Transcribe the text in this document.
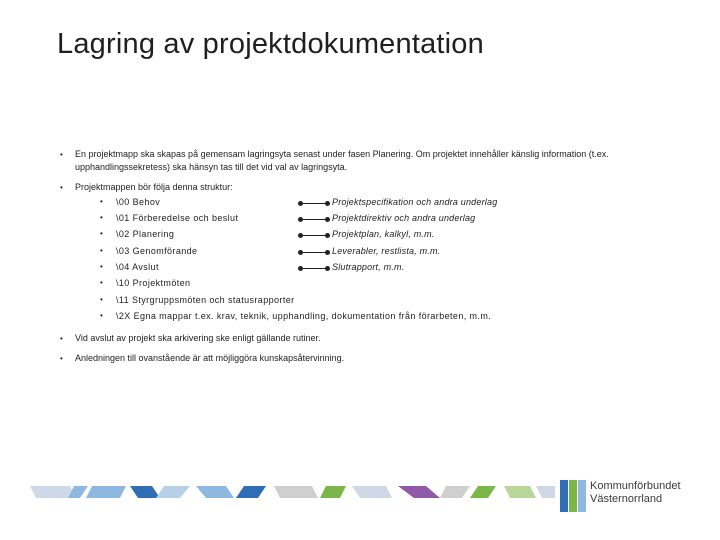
Lagring av projektdokumentation
• En projektmapp ska skapas på gemensam lagringsyta senast under fasen Planering. Om projektet innehåller känslig information (t.ex. upphandlingssekretess) ska hänsyn tas till det vid val av lagringsyta.
• Projektmappen bör följa denna struktur:
• \00 Behov	Projektspecifikation och andra underlag
• \01 Förberedelse och beslut	Projektdirektiv och andra underlag
• \02 Planering	Projektplan, kalkyl, m.m.
• \03 Genomförande	Leverabler, restlista, m.m.
• \04 Avslut	Slutrapport, m.m.
• \10 Projektmöten
• \11 Styrgruppsmöten och statusrapporter
• \2X Egna mappar t.ex. krav, teknik, upphandling, dokumentation från förarbeten, m.m.
• Vid avslut av projekt ska arkivering ske enligt gällande rutiner.
• Anledningen till ovanstående är att möjliggöra kunskapsåtervinning.
Kommunförbundet
Västernorrland
